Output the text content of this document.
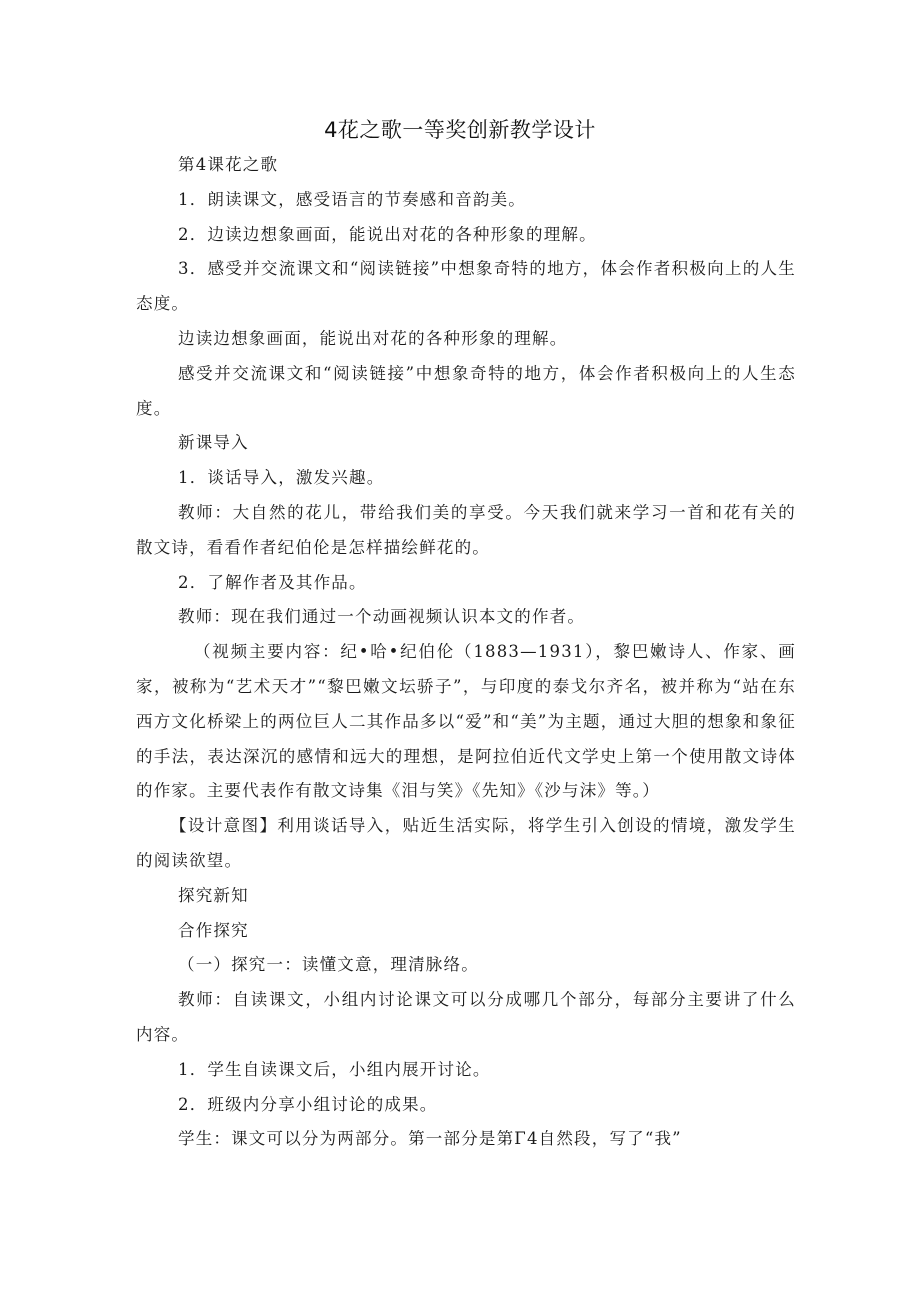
4花之歌一等奖创新教学设计

第4课花之歌

1．朗读课文，感受语言的节奏感和音韵美。

2．边读边想象画面，能说出对花的各种形象的理解。

3．感受并交流课文和“阅读链接”中想象奇特的地方，体会作者积极向上的人生态度。

边读边想象画面，能说出对花的各种形象的理解。

感受并交流课文和“阅读链接”中想象奇特的地方，体会作者积极向上的人生态度。

新课导入

1．谈话导入，激发兴趣。

教师：大自然的花儿，带给我们美的享受。今天我们就来学习一首和花有关的散文诗，看看作者纪伯伦是怎样描绘鲜花的。

2．了解作者及其作品。

教师：现在我们通过一个动画视频认识本文的作者。

（视频主要内容：纪•哈•纪伯伦（1883—1931），黎巴嫩诗人、作家、画家，被称为“艺术天才”“黎巴嫩文坛骄子”，与印度的泰戈尔齐名，被并称为“站在东西方文化桥梁上的两位巨人二其作品多以“爱”和“美”为主题，通过大胆的想象和象征的手法，表达深沉的感情和远大的理想，是阿拉伯近代文学史上第一个使用散文诗体的作家。主要代表作有散文诗集《泪与笑》《先知》《沙与沫》等。）

【设计意图】利用谈话导入，贴近生活实际，将学生引入创设的情境，激发学生的阅读欲望。

探究新知

合作探究

（一）探究一：读懂文意，理清脉络。

教师：自读课文，小组内讨论课文可以分成哪几个部分，每部分主要讲了什么内容。

1．学生自读课文后，小组内展开讨论。

2．班级内分享小组讨论的成果。

学生：课文可以分为两部分。第一部分是第Γ4自然段，写了“我”
